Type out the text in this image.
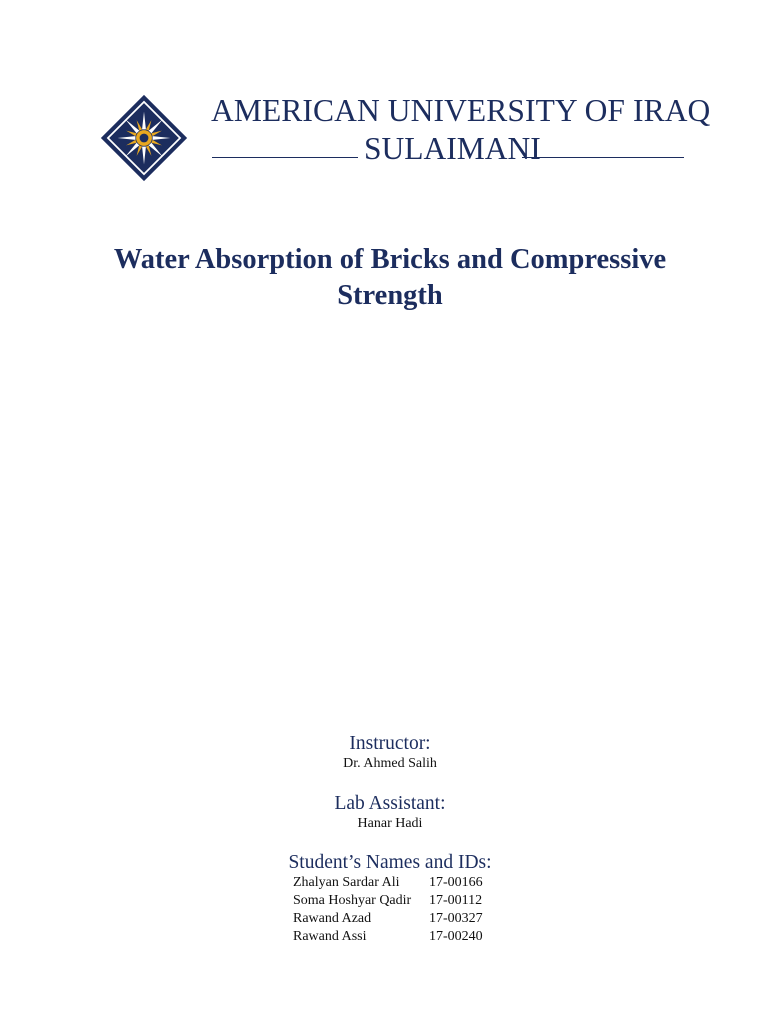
AMERICAN UNIVERSITY OF IRAQ
SULAIMANI
Water Absorption of Bricks and Compressive
Strength
Instructor:
Dr. Ahmed Salih
Lab Assistant:
Hanar Hadi
Student’s Names and IDs:
Zhalyan Sardar Ali	17-00166
Soma Hoshyar Qadir	17-00112
Rawand Azad	17-00327
Rawand Assi	17-00240
